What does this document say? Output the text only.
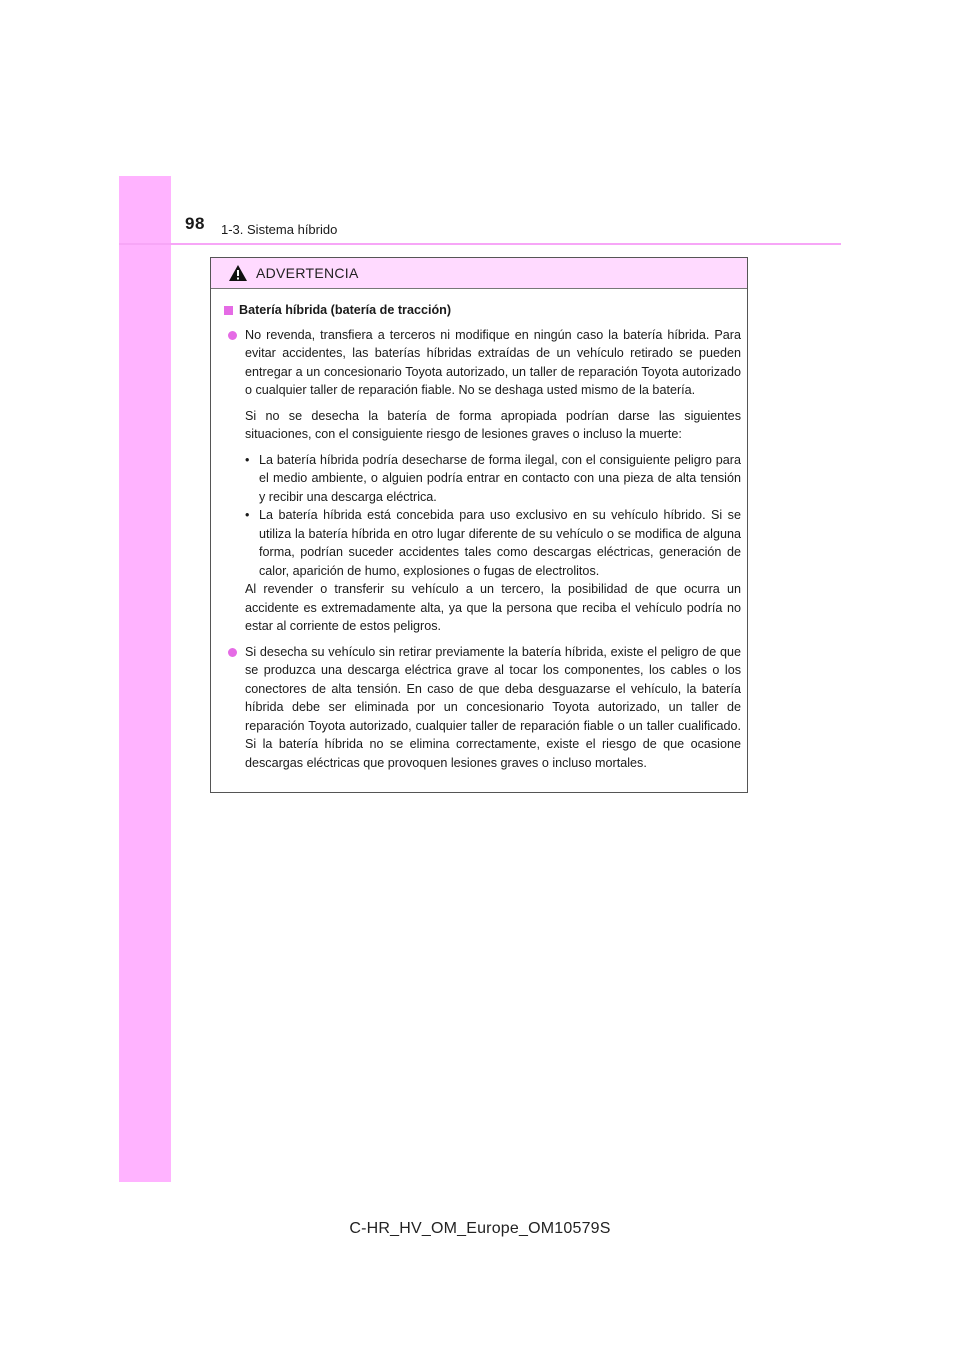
98 1-3. Sistema híbrido
ADVERTENCIA
Batería híbrida (batería de tracción)

No revenda, transfiera a terceros ni modifique en ningún caso la batería híbrida. Para evitar accidentes, las baterías híbridas extraídas de un vehículo retirado se pueden entregar a un concesionario Toyota autorizado, un taller de reparación Toyota autorizado o cualquier taller de reparación fiable. No se deshaga usted mismo de la batería.

Si no se desecha la batería de forma apropiada podrían darse las siguientes situaciones, con el consiguiente riesgo de lesiones graves o incluso la muerte:

• La batería híbrida podría desecharse de forma ilegal, con el consiguiente peligro para el medio ambiente, o alguien podría entrar en contacto con una pieza de alta tensión y recibir una descarga eléctrica.
• La batería híbrida está concebida para uso exclusivo en su vehículo híbrido. Si se utiliza la batería híbrida en otro lugar diferente de su vehículo o se modifica de alguna forma, podrían suceder accidentes tales como descargas eléctricas, generación de calor, aparición de humo, explosiones o fugas de electrolitos.

Al revender o transferir su vehículo a un tercero, la posibilidad de que ocurra un accidente es extremadamente alta, ya que la persona que reciba el vehículo podría no estar al corriente de estos peligros.

Si desecha su vehículo sin retirar previamente la batería híbrida, existe el peligro de que se produzca una descarga eléctrica grave al tocar los componentes, los cables o los conectores de alta tensión. En caso de que deba desguazarse el vehículo, la batería híbrida debe ser eliminada por un concesionario Toyota autorizado, un taller de reparación Toyota autorizado, cualquier taller de reparación fiable o un taller cualificado. Si la batería híbrida no se elimina correctamente, existe el riesgo de que ocasione descargas eléctricas que provoquen lesiones graves o incluso mortales.

C-HR_HV_OM_Europe_OM10579S
